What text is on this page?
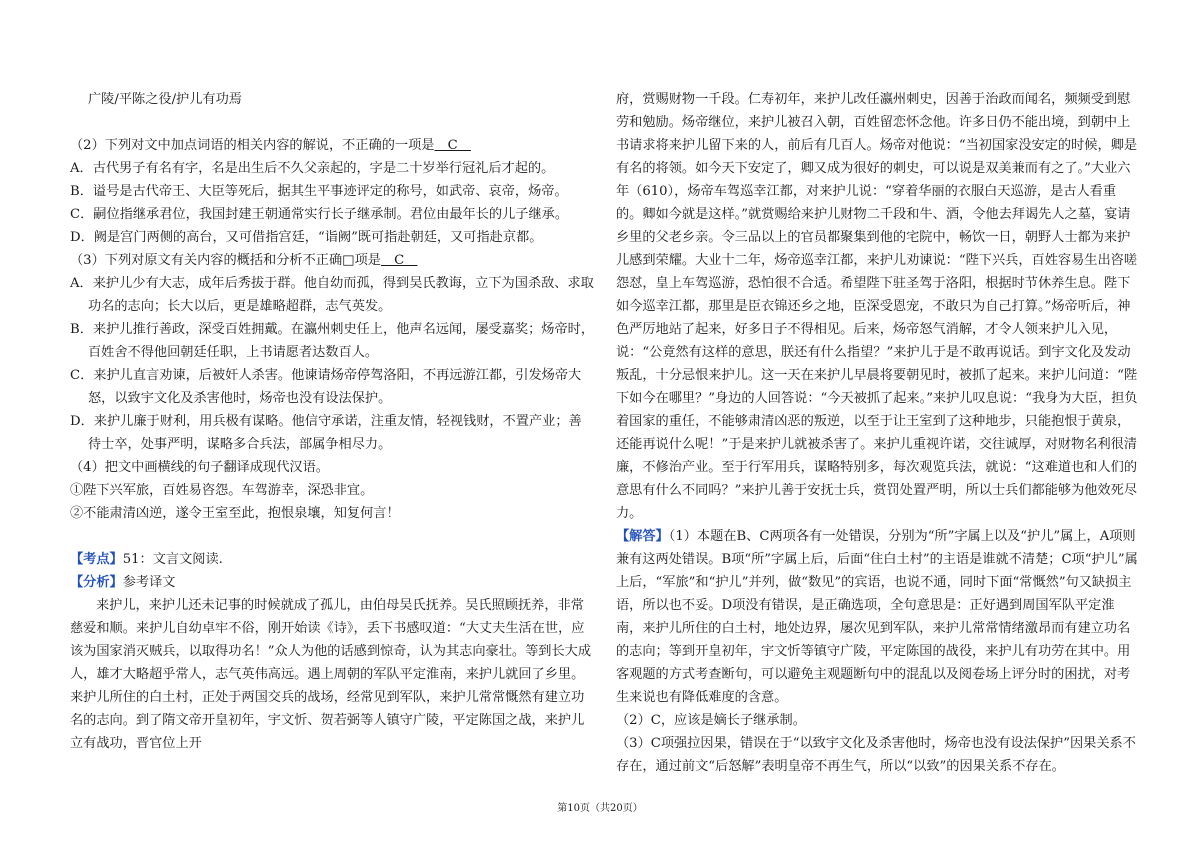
广陵/平陈之役/护儿有功焉

（2）下列对文中加点词语的相关内容的解说，不正确的一项是　C　

A．古代男子有名有字，名是出生后不久父亲起的，字是二十岁举行冠礼后才起的。

B．谥号是古代帝王、大臣等死后，据其生平事迹评定的称号，如武帝、哀帝，炀帝。

C．嗣位指继承君位，我国封建王朝通常实行长子继承制。君位由最年长的儿子继承。

D．阙是宫门两侧的高台，又可借指宫廷，“诣阙”既可指赴朝廷，又可指赴京都。

（3）下列对原文有关内容的概括和分析不正确□项是　C　

A．来护儿少有大志，成年后秀拔于群。他自幼而孤，得到吴氏教诲，立下为国杀敌、求取功名的志向；长大以后，更是雄略超群，志气英发。

B．来护儿推行善政，深受百姓拥戴。在瀛州刺史任上，他声名远闻，屡受嘉奖；炀帝时，百姓舍不得他回朝廷任职，上书请愿者达数百人。

C．来护儿直言劝谏，后被奸人杀害。他谏请炀帝停驾洛阳，不再远游江都，引发炀帝大怒，以致宇文化及杀害他时，炀帝也没有设法保护。

D．来护儿廉于财利，用兵极有谋略。他信守承诺，注重友情，轻视钱财，不置产业；善待士卒，处事严明，谋略多合兵法，部属争相尽力。

（4）把文中画横线的句子翻译成现代汉语。

①陛下兴军旅，百姓易咨怨。车驾游幸，深恐非宜。

②不能肃清凶逆，遂令王室至此，抱恨泉壤，知复何言！

【考点】51：文言文阅读.

【分析】参考译文

来护儿，来护儿还未记事的时候就成了孤儿，由伯母吴氏抚养。吴氏照顾抚养，非常慈爱和顺。来护儿自幼卓牢不俗，刚开始读《诗》，丢下书感叹道：“大丈夫生活在世，应该为国家消灭贼兵，以取得功名！”众人为他的话感到惊奇，认为其志向豪壮。等到长大成人，雄才大略超乎常人，志气英伟高远。遇上周朝的军队平定淮南，来护儿就回了乡里。来护儿所住的白土村，正处于两国交兵的战场，经常见到军队，来护儿常常慨然有建立功名的志向。到了隋文帝开皇初年，宇文忻、贺若弼等人镇守广陵，平定陈国之战，来护儿立有战功，晋官位上开

府，赏赐财物一千段。仁寿初年，来护儿改任瀛州刺史，因善于治政而闻名，频频受到慰劳和勉励。炀帝继位，来护儿被召入朝，百姓留恋怀念他。许多日仍不能出境，到朝中上书请求将来护儿留下来的人，前后有几百人。炀帝对他说：“当初国家没安定的时候，卿是有名的将领。如今天下安定了，卿又成为很好的刺史，可以说是双美兼而有之了。”大业六年（610），炀帝车驾巡幸江都，对来护儿说：“穿着华丽的衣服白天巡游，是古人看重的。卿如今就是这样。”就赏赐给来护儿财物二千段和牛、酒，令他去拜谒先人之墓，宴请乡里的父老乡亲。令三品以上的官员都聚集到他的宅院中，畅饮一日，朝野人士都为来护儿感到荣耀。大业十二年，炀帝巡幸江都，来护儿劝谏说：“陛下兴兵，百姓容易生出咨嗟怨怼，皇上车驾巡游，恐怕很不合适。希望陛下驻圣驾于洛阳，根据时节休养生息。陛下如今巡幸江都，那里是臣衣锦还乡之地，臣深受恩宠，不敢只为自己打算。”炀帝听后，神色严厉地站了起来，好多日子不得相见。后来，炀帝怒气消解，才令人领来护儿入见，说：“公竟然有这样的意思，朕还有什么指望？”来护儿于是不敢再说话。到宇文化及发动叛乱，十分忌恨来护儿。这一天在来护儿早晨将要朝见时，被抓了起来。来护儿问道：“陛下如今在哪里？”身边的人回答说：“今天被抓了起来。”来护儿叹息说：“我身为大臣，担负着国家的重任，不能够肃清凶恶的叛逆，以至于让王室到了这种地步，只能抱恨于黄泉，还能再说什么呢！”于是来护儿就被杀害了。来护儿重视许诺，交往诚厚，对财物名利很清廉，不修治产业。至于行军用兵，谋略特别多，每次观览兵法，就说：“这难道也和人们的意思有什么不同吗？”来护儿善于安抚士兵，赏罚处置严明，所以士兵们都能够为他效死尽力。

【解答】（1）本题在B、C两项各有一处错误，分别为“所”字属上以及“护儿”属上，A项则兼有这两处错误。B项“所”字属上后，后面“住白土村”的主语是谁就不清楚；C项“护儿”属上后，“军旅”和“护儿”并列，做“数见”的宾语，也说不通，同时下面“常慨然”句又缺损主语，所以也不妥。D项没有错误，是正确选项，全句意思是：正好遇到周国军队平定淮南，来护儿所住的白土村，地处边界，屡次见到军队，来护儿常常情绪激昂而有建立功名的志向；等到开皇初年，宇文忻等镇守广陵，平定陈国的战役，来护儿有功劳在其中。用客观题的方式考查断句，可以避免主观题断句中的混乱以及阅卷场上评分时的困扰，对考生来说也有降低难度的含意。

（2）C，应该是嫡长子继承制。

（3）C项强拉因果，错误在于“以致宇文化及杀害他时，炀帝也没有设法保护”因果关系不存在，通过前文“后怒解”表明皇帝不再生气，所以“以致”的因果关系不存在。

第10页（共20页）
